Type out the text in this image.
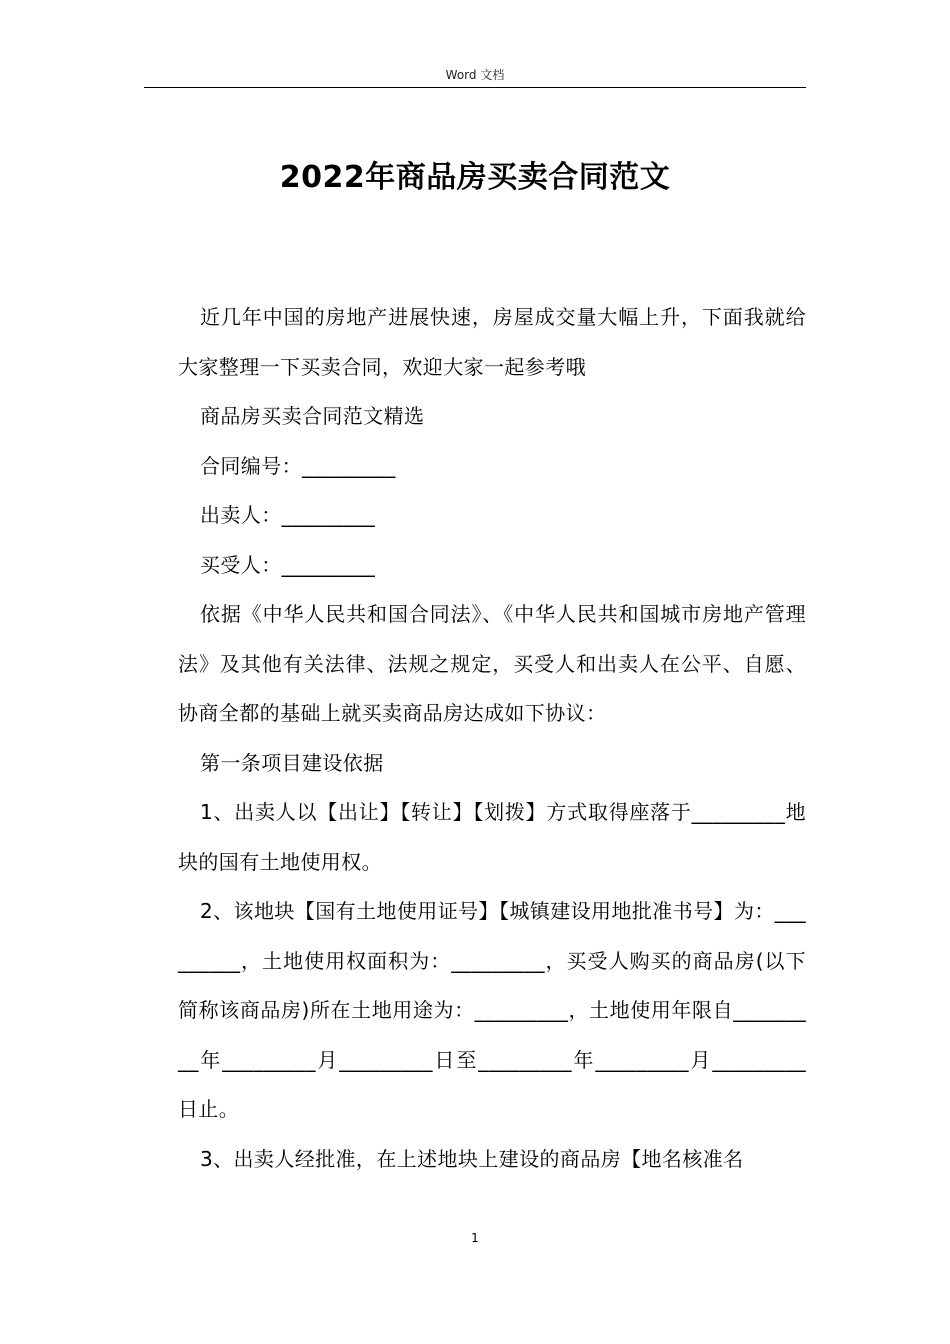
Word 文档
2022年商品房买卖合同范文

近几年中国的房地产进展快速，房屋成交量大幅上升，下面我就给大家整理一下买卖合同，欢迎大家一起参考哦

商品房买卖合同范文精选

合同编号：_________

出卖人：_________

买受人：_________

依据《中华人民共和国合同法》、《中华人民共和国城市房地产管理法》及其他有关法律、法规之规定，买受人和出卖人在公平、自愿、协商全都的基础上就买卖商品房达成如下协议：

第一条项目建设依据

1、出卖人以【出让】【转让】【划拨】方式取得座落于_________地块的国有土地使用权。

2、该地块【国有土地使用证号】【城镇建设用地批准书号】为：_________，土地使用权面积为：_________，买受人购买的商品房(以下简称该商品房)所在土地用途为：_________，土地使用年限自_________年_________月_________日至_________年_________月_________日止。

3、出卖人经批准，在上述地块上建设的商品房【地名核准名

1
